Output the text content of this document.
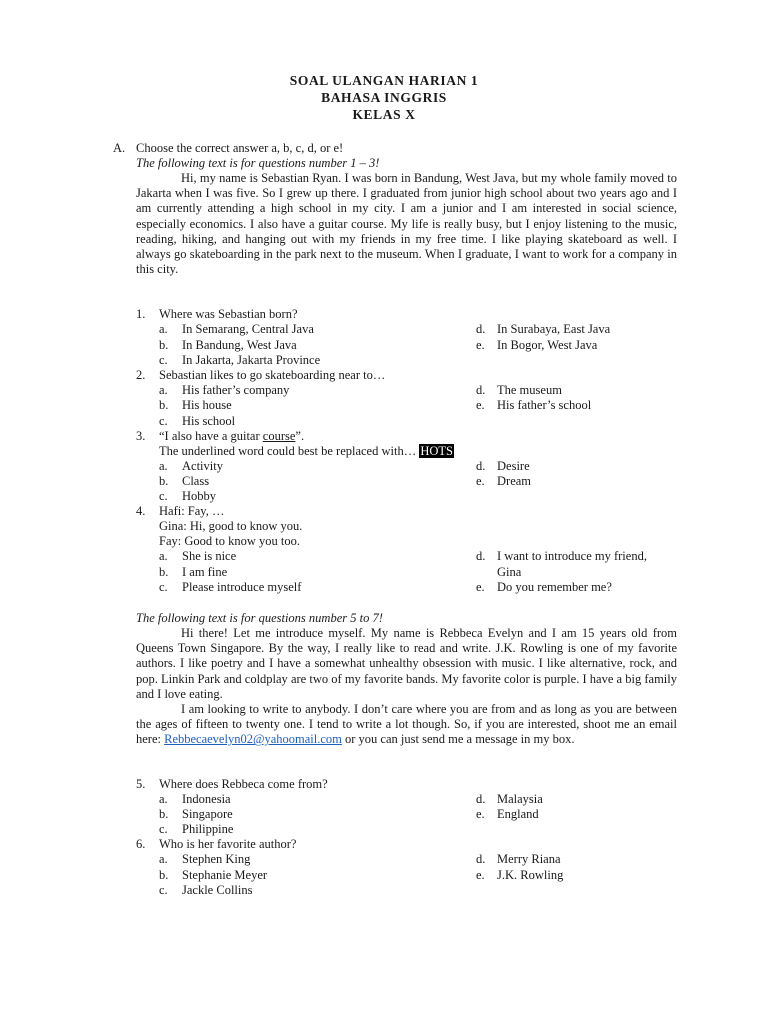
SOAL ULANGAN HARIAN 1
BAHASA INGGRIS
KELAS X
A. Choose the correct answer a, b, c, d, or e!
The following text is for questions number 1 – 3!

Hi, my name is Sebastian Ryan. I was born in Bandung, West Java, but my whole family moved to Jakarta when I was five. So I grew up there. I graduated from junior high school about two years ago and I am currently attending a high school in my city. I am a junior and I am interested in social science, especially economics. I also have a guitar course. My life is really busy, but I enjoy listening to the music, reading, hiking, and hanging out with my friends in my free time. I like playing skateboard as well. I always go skateboarding in the park next to the museum. When I graduate, I want to work for a company in this city.

1. Where was Sebastian born?
a. In Semarang, Central Java	d. In Surabaya, East Java
b. In Bandung, West Java	e. In Bogor, West Java
c. In Jakarta, Jakarta Province
2. Sebastian likes to go skateboarding near to…
a. His father’s company	d. The museum
b. His house	e. His father’s school
c. His school
3. “I also have a guitar course”.
The underlined word could best be replaced with… HOTS
a. Activity	d. Desire
b. Class	e. Dream
c. Hobby
4. Hafi: Fay, …
Gina: Hi, good to know you.
Fay: Good to know you too.
a. She is nice	d. I want to introduce my friend,
b. I am fine	Gina
c. Please introduce myself	e. Do you remember me?
The following text is for questions number 5 to 7!

Hi there! Let me introduce myself. My name is Rebbeca Evelyn and I am 15 years old from Queens Town Singapore. By the way, I really like to read and write. J.K. Rowling is one of my favorite authors. I like poetry and I have a somewhat unhealthy obsession with music. I like alternative, rock, and pop. Linkin Park and coldplay are two of my favorite bands. My favorite color is purple. I have a big family and I love eating.

I am looking to write to anybody. I don’t care where you are from and as long as you are between the ages of fifteen to twenty one. I tend to write a lot though. So, if you are interested, shoot me an email here: Rebbecaevelyn02@yahoomail.com or you can just send me a message in my box.

5. Where does Rebbeca come from?
a. Indonesia	d. Malaysia
b. Singapore	e. England
c. Philippine
6. Who is her favorite author?
a. Stephen King	d. Merry Riana
b. Stephanie Meyer	e. J.K. Rowling
c. Jackle Collins
